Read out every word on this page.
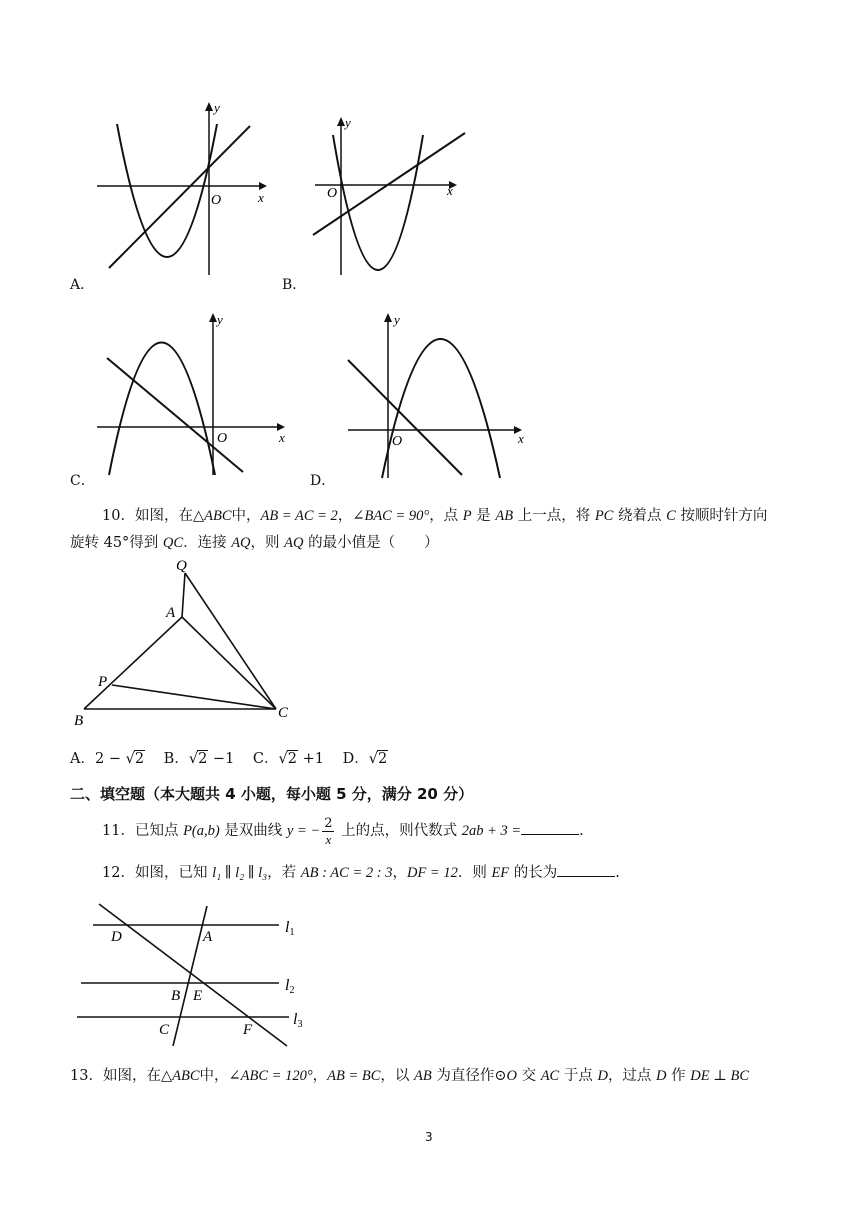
y
x
O
A．
y
x
O
B．
y
x
O
C．
y
x
O
D．
10．如图，在△ABC中，AB = AC = 2，∠BAC = 90°，点 P 是 AB 上一点，将 PC 绕着点 C 按顺时针方向
旋转 45°得到 QC．连接 AQ，则 AQ 的最小值是（　　）
Q
A
P
B	C
A．2 − √2 B．√2 −1 C．√2 +1 D．√2
二、填空题（本大题共 4 小题，每小题 5 分，满分 20 分）
11．已知点 P(a,b) 是双曲线 y = − $\frac{2}{x}$ 上的点，则代数式 2ab + 3 =	.
12．如图，已知 l₁ ∥ l₂ ∥ l₃，若 AB : AC = 2 : 3，DF = 12．则 EF 的长为	.
D	A
B E
C	F
l1
l2
l3
13．如图，在△ABC中，∠ABC = 120°，AB = BC，以 AB 为直径作⊙O 交 AC 于点 D，过点 D 作 DE ⊥ BC
3
